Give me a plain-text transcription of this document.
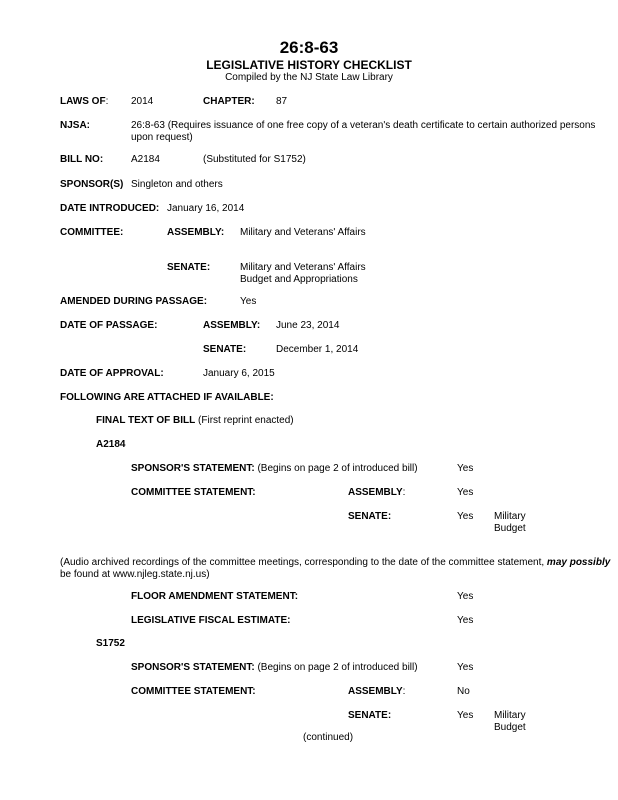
26:8-63
LEGISLATIVE HISTORY CHECKLIST
Compiled by the NJ State Law Library
LAWS OF: 2014	CHAPTER: 87
NJSA:	26:8-63 (Requires issuance of one free copy of a veteran's death certificate to certain authorized persons
upon request)
BILL NO:	A2184	(Substituted for S1752)
SPONSOR(S) Singleton and others
DATE INTRODUCED: January 16, 2014
COMMITTEE:	ASSEMBLY: Military and Veterans' Affairs
SENATE:	Military and Veterans' Affairs
Budget and Appropriations
AMENDED DURING PASSAGE:	Yes
DATE OF PASSAGE:	ASSEMBLY: June 23, 2014
SENATE:	December 1, 2014
DATE OF APPROVAL:	January 6, 2015
FOLLOWING ARE ATTACHED IF AVAILABLE:
FINAL TEXT OF BILL (First reprint enacted)
A2184
SPONSOR'S STATEMENT: (Begins on page 2 of introduced bill)	Yes
COMMITTEE STATEMENT:	ASSEMBLY:	Yes
SENATE:	Yes Military
Budget
(Audio archived recordings of the committee meetings, corresponding to the date of the committee statement, may possibly
be found at www.njleg.state.nj.us)
FLOOR AMENDMENT STATEMENT:	Yes
LEGISLATIVE FISCAL ESTIMATE:	Yes
S1752
SPONSOR'S STATEMENT: (Begins on page 2 of introduced bill)	Yes
COMMITTEE STATEMENT:	ASSEMBLY:	No
SENATE:	Yes Military
Budget
(continued)
